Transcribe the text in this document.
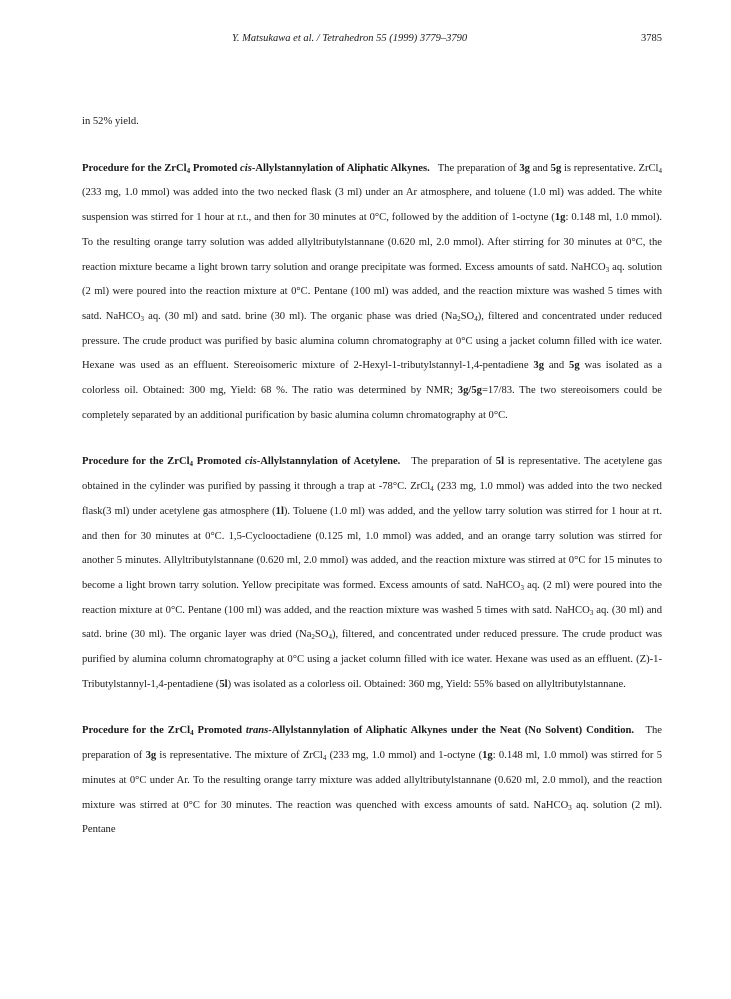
Y. Matsukawa et al. / Tetrahedron 55 (1999) 3779–3790	3785

in 52% yield.

Procedure for the ZrCl$_4$ Promoted cis-Allylstannylation of Aliphatic Alkynes. The preparation of 3g and 5g is representative. ZrCl$_4$ (233 mg, 1.0 mmol) was added into the two necked flask (3 ml) under an Ar atmosphere, and toluene (1.0 ml) was added. The white suspension was stirred for 1 hour at r.t., and then for 30 minutes at 0°C, followed by the addition of 1-octyne (1g: 0.148 ml, 1.0 mmol). To the resulting orange tarry solution was added allyltributylstannane (0.620 ml, 2.0 mmol). After stirring for 30 minutes at 0°C, the reaction mixture became a light brown tarry solution and orange precipitate was formed. Excess amounts of satd. NaHCO$_3$ aq. solution (2 ml) were poured into the reaction mixture at 0°C. Pentane (100 ml) was added, and the reaction mixture was washed 5 times with satd. NaHCO$_3$ aq. (30 ml) and satd. brine (30 ml). The organic phase was dried $(Na_2SO_4)$, filtered and concentrated under reduced pressure. The crude product was purified by basic alumina column chromatography at 0°C using a jacket column filled with ice water. Hexane was used as an effluent. Stereoisomeric mixture of 2-Hexyl-1-tributylstannyl-1,4-pentadiene 3g and 5g was isolated as a colorless oil. Obtained: 300 mg, Yield: 68 %. The ratio was determined by NMR; 3g/5g=17/83. The two stereoisomers could be completely separated by an additional purification by basic alumina column chromatography at 0°C.

Procedure for the ZrCl$_4$ Promoted cis-Allylstannylation of Acetylene. The preparation of 5l is representative. The acetylene gas obtained in the cylinder was purified by passing it through a trap at -78°C. ZrCl$_4$ (233 mg, 1.0 mmol) was added into the two necked flask(3 ml) under acetylene gas atmosphere (1l). Toluene (1.0 ml) was added, and the yellow tarry solution was stirred for 1 hour at rt. and then for 30 minutes at 0°C. 1,5-Cyclooctadiene (0.125 ml, 1.0 mmol) was added, and an orange tarry solution was stirred for another 5 minutes. Allyltributylstannane (0.620 ml, 2.0 mmol) was added, and the reaction mixture was stirred at 0°C for 15 minutes to become a light brown tarry solution. Yellow precipitate was formed. Excess amounts of satd. NaHCO$_3$ aq. (2 ml) were poured into the reaction mixture at 0°C. Pentane (100 ml) was added, and the reaction mixture was washed 5 times with satd. NaHCO$_3$ aq. (30 ml) and satd. brine (30 ml). The organic layer was dried $(Na_2SO_4)$, filtered, and concentrated under reduced pressure. The crude product was purified by alumina column chromatography at 0°C using a jacket column filled with ice water. Hexane was used as an effluent. (Z)-1-Tributylstannyl-1,4-pentadiene (5l) was isolated as a colorless oil. Obtained: 360 mg, Yield: 55% based on allyltributylstannane.

Procedure for the ZrCl$_4$ Promoted trans-Allylstannylation of Aliphatic Alkynes under the Neat (No Solvent) Condition. The preparation of 3g is representative. The mixture of ZrCl$_4$ (233 mg, 1.0 mmol) and 1-octyne (1g: 0.148 ml, 1.0 mmol) was stirred for 5 minutes at 0°C under Ar. To the resulting orange tarry mixture was added allyltributylstannane (0.620 ml, 2.0 mmol), and the reaction mixture was stirred at 0°C for 30 minutes. The reaction was quenched with excess amounts of satd. NaHCO$_3$ aq. solution (2 ml). Pentane
